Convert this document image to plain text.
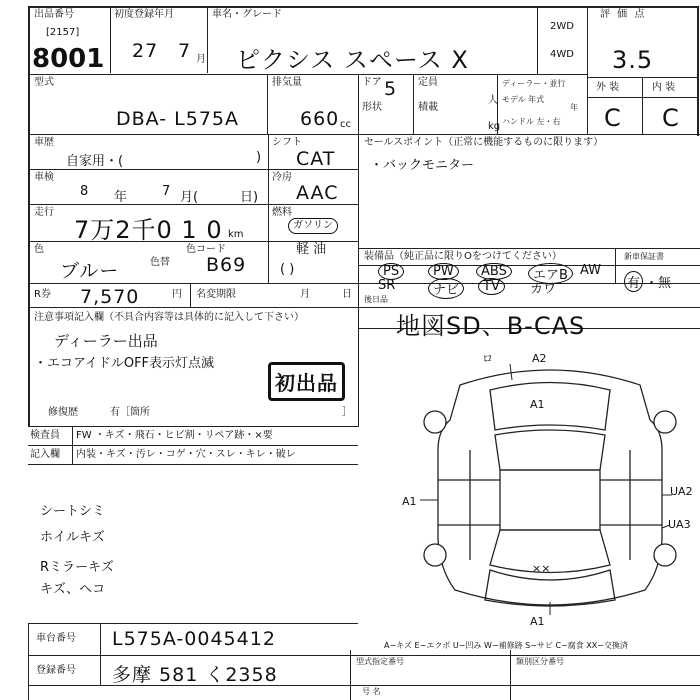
出品番号
[2157]
8001
初度登録年月
27 7 月
車名・グレード
ピクシス スペース X
2WD
4WD
評 価 点
3.5
外 装	内 装
C C
型式
DBA- L575A
排気量
660 cc
ドア 5
形状
定員
人
積載
kg
ディーラー・並行
モデル 年式
年
ハンドル 左・右
車歴
自家用・(	)
シフト
CAT
セールスポイント（正常に機能するものに限ります）
・バックモニター
車検
8 年	7 月(	日)
冷房
AAC
走行
7万2千0 1 0 km
燃料
ガソリン
軽 油
( )
色
ブルー	色替
色コード
B69	装備品（純正品に限りOをつけてください）	新車保証書
PS	PW	ABS	エアB AW
SR	ナビ	TV	カワ	有 ・無
R券 7,570	円 名変期限	月	日 後日品
地図SD、B-CAS
注意事項記入欄（不具合内容等は具体的に記入して下さい）
ディーラー出品
・エコアイドルOFF表示灯点滅
初出品
修復歴	有［箇所	］
検査員 FW ・キズ・飛石・ヒビ割・リペア跡・×要
記入欄 内装・キズ・汚レ・コゲ・穴・スレ・キレ・破レ
シートシミ
ホイルキズ
Rミラーキズ
キズ、ヘコ
ロ	A2
A1
A1
UA2
UA3
××
A1
A−キズ E−エクボ U−凹み W−補修跡 S−サビ C−腐食 XX−交換済
車台番号 L575A-0045412
登録番号 多摩 581 く2358
型式指定番号	類別区分番号
号 名
